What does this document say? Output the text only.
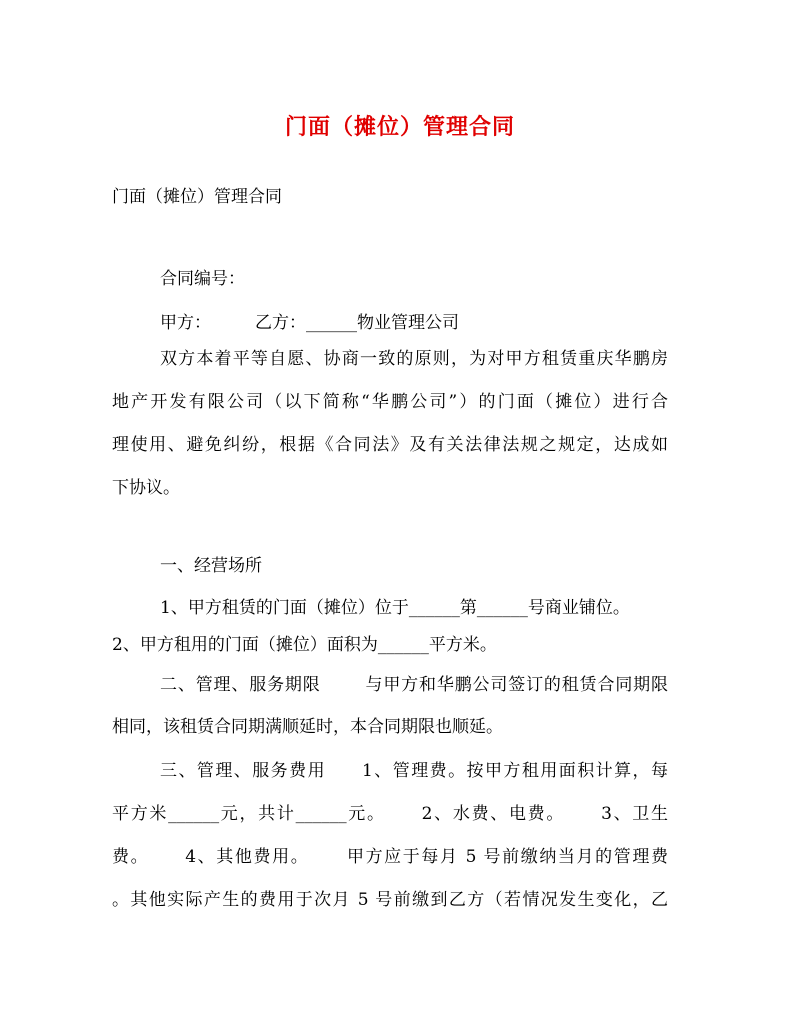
门面（摊位）管理合同
门面（摊位）管理合同
合同编号：
甲方：	乙方：______物业管理公司
双方本着平等自愿、协商一致的原则，为对甲方租赁重庆华鹏房
地产开发有限公司（以下简称“华鹏公司”）的门面（摊位）进行合
理使用、避免纠纷，根据《合同法》及有关法律法规之规定，达成如
下协议。
一、经营场所
1、甲方租赁的门面（摊位）位于______第______号商业铺位。
2、甲方租用的门面（摊位）面积为______平方米。
二、管理、服务期限	与甲方和华鹏公司签订的租赁合同期限
相同，该租赁合同期满顺延时，本合同期限也顺延。
三、管理、服务费用 1、管理费。按甲方租用面积计算，每
平方米______元，共计______元。 2、水费、电费。 3、卫生
费。 4、其他费用。 甲方应于每月 5 号前缴纳当月的管理费
。其他实际产生的费用于次月 5 号前缴到乙方（若情况发生变化，乙
